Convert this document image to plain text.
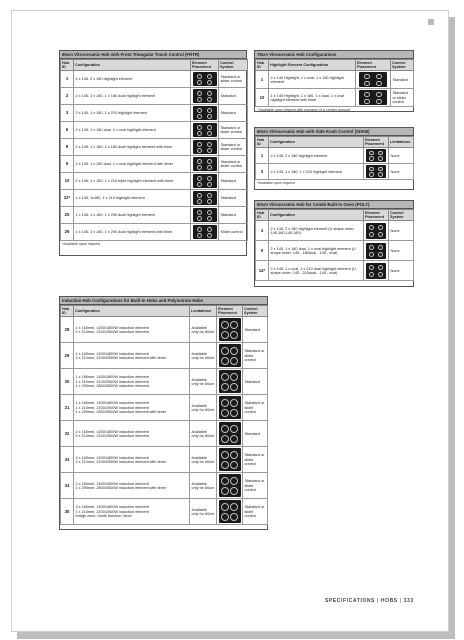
60cm Vitroceramic Hob with Front Triangular Touch Control (FRTR)
Hob ID	Configuration	Element Placement	Control System
1	2 x 145, 2 x 180 highlight element		Standard or slider control
2	2 x 145, 1 x 180, 1 x 180 dual highlight element		Standard
3	2 x 145, 1 x 180, 1 x 210 highlight element		Standard
6	2 x 145, 1 x 180 dual, 1 x oval highlight element		Standard or slider control
8	2 x 145, 1 x 180, 1 x 180 dual highlight element with timer		Standard or slider control
9	2 x 145, 1 x 180 dual, 1 x oval highlight element with timer		Standard or slider control
10	2 x 145, 1 x 180, 1 x 210 triple highlight element with timer		Standard
22*	1 x 145, 1x180, 1 x 210 highlight element		Standard
25	1 x 145, 1 x 180, 1 x 290 dual highlight element		Standard
26	1 x 145, 1 x 180, 1 x 290 dual highlight element with timer		Slider control
*Available upon request
78cm Vitroceramic Hob Configurations
Hob ID	Highlight Element Configuration	Element Placement	Control System
1	2 x 145 Highlight, 1 x oval, 1 x 180 highlight element		Standard
10	1 x 145 Highlight, 1 x 180, 1 x dual, 1 x oval highlight element with timer		Standard or slider control
* Available upon request with warranty of a certain amount.
60cm Vitroceramic Hob with Side Knob Control (SDKB)
Hob ID	Configuration	Element Placement	Limitations
1	2 x 145, 2 x 180 highlight element		None
3	2 x 145, 1 x 180, 1 x 210 highlight element		None
*Available upon request
60cm Vitroceramic Hob for Combi Built-in Oven (POLY)
Hob ID	Configuration	Element Placement	Control System
4	2 x 145, 2 x 180 highlight element (U shape order; 145-180-145-180)		None
9	2 x 145, 1 x 180 dual, 1 x oval highlight element (U shape order; 145 - 180dual - 145 - oval)		None
14*	2 x 145, 1 x oval, 1 x 210 dual highlight element (U shape order; 145 - 210dual - 145 - oval)		None
Induction Hob Configurations for Built-in Hobs and Polynoiroin Hobs
Hob ID	Configuration	Limitations	Element Placement	Control System
28	1 x 160mm, 1400/1800W induction element
2 x 210mm, 2100/2500W induction element	Available only for 60cm		Standard
29	1 x 160mm, 1400/1800W induction element
2 x 210mm, 2100/2500W induction element with timer	Available only for 60cm		Standard or slider control
30	1 x 160mm, 1400/1800W induction element
1 x 210mm, 2100/2500W induction element
1 x 290mm, 2800/3500W induction element	Available only for 60cm		Standard
31	1 x 160mm, 1400/1800W induction element
1 x 210mm, 2100/2500W induction element
1 x 290mm, 2800/3500W induction element with timer	Available only for 60cm		Standard or slider control
32	2 x 160mm, 1400/1800W induction element
2 x 210mm, 2100/2500W induction element	Available only for 60cm		Standard
33	2 x 160mm, 1400/1800W induction element
2 x 210mm, 2100/2500W induction element with timer	Available only for 60cm		Standard or slider control
34	2 x 160mm, 1400/1800W induction element
1 x 290mm, 2800/3500W induction element with timer	Available only for 60cm		Standard or slider control
35	3 x 160mm, 1400/1800W induction element
1 x 210mm, 2100/2500W induction element
bridge zone, mode function, timer	Available only for 60cm		Standard or slider control
SPECIFICATIONS | HOBS | 333
